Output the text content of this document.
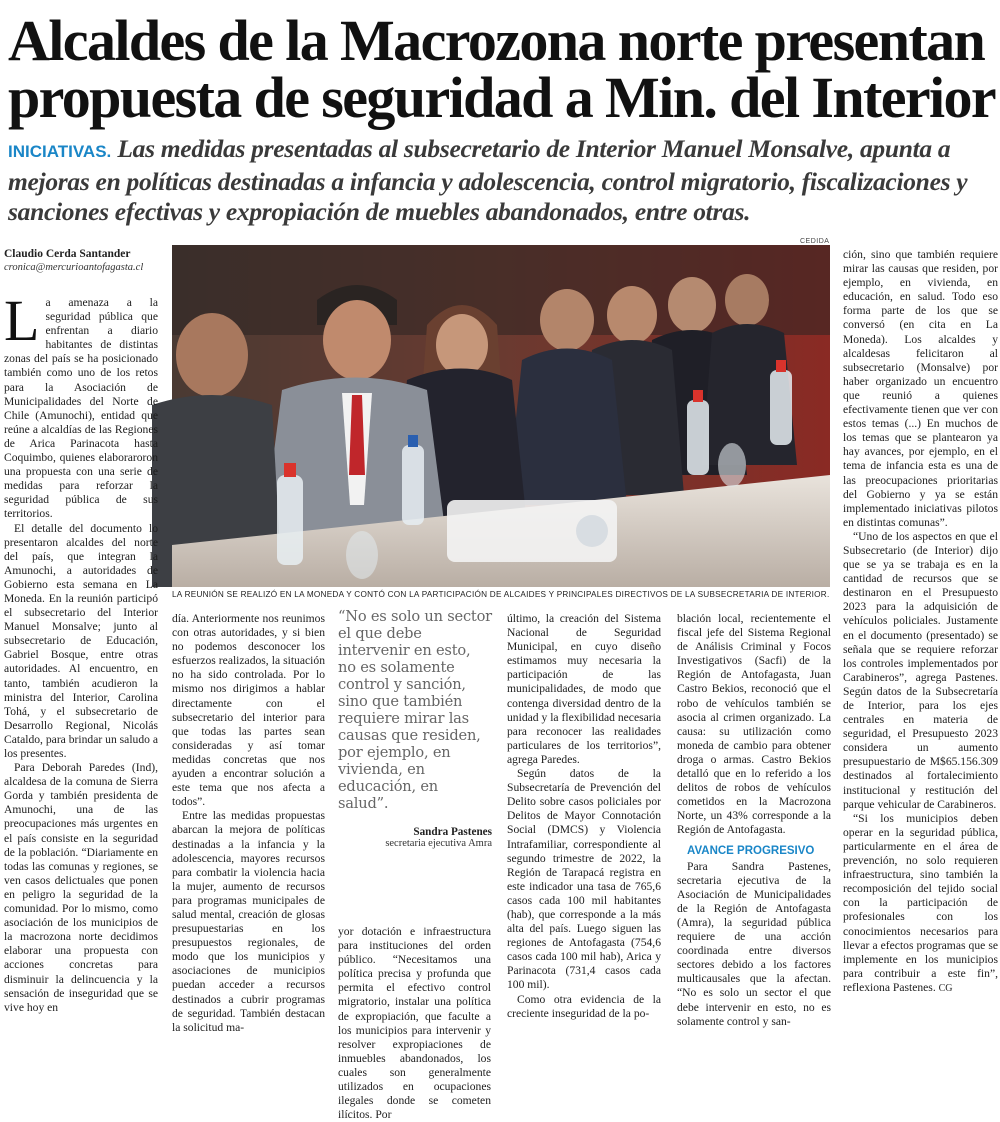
Alcaldes de la Macrozona norte presentan
propuesta de seguridad a Min. del Interior
INICIATIVAS. Las medidas presentadas al subsecretario de Interior Manuel Monsalve, apunta a mejoras en políticas destinadas a infancia y adolescencia, control migratorio, fiscalizaciones y sanciones efectivas y expropiación de muebles abandonados, entre otras.
Claudio Cerda Santander
cronica@mercurioantofagasta.cl
CEDIDA
LA REUNIÓN SE REALIZÓ EN LA MONEDA Y CONTÓ CON LA PARTICIPACIÓN DE ALCAIDES Y PRINCIPALES DIRECTIVOS DE LA SUBSECRETARIA DE INTERIOR.

La amenaza a la seguridad pública que enfrentan a diario habitantes de distintas zonas del país se ha posicionado también como uno de los retos para la Asociación de Municipalidades del Norte de Chile (Amunochi), entidad que reúne a alcaldías de las Regiones de Arica Parinacota hasta Coquimbo, quienes elaboraroron una propuesta con una serie de medidas para reforzar la seguridad pública de sus territorios.

El detalle del documento lo presentaron alcaldes del norte del país, que integran la Amunochi, a autoridades de Gobierno esta semana en La Moneda. En la reunión participó el subsecretario del Interior Manuel Monsalve; junto al subsecretario de Educación, Gabriel Bosque, entre otras autoridades. Al encuentro, en tanto, también acudieron la ministra del Interior, Carolina Tohá, y el subsecretario de Desarrollo Regional, Nicolás Cataldo, para brindar un saludo a los presentes.

Para Deborah Paredes (Ind), alcaldesa de la comuna de Sierra Gorda y también presidenta de Amunochi, una de las preocupaciones más urgentes en el país consiste en la seguridad de la población. “Diariamente en todas las comunas y regiones, se ven casos delictuales que ponen en peligro la seguridad de la comunidad. Por lo mismo, como asociación de los municipios de la macrozona norte decidimos elaborar una propuesta con acciones concretas para disminuir la delincuencia y la sensación de inseguridad que se vive hoy en

día. Anteriormente nos reunimos con otras autoridades, y si bien no podemos desconocer los esfuerzos realizados, la situación no ha sido controlada. Por lo mismo nos dirigimos a hablar directamente con el subsecretario del interior para que todas las partes sean consideradas y así tomar medidas concretas que nos ayuden a encontrar solución a este tema que nos afecta a todos”.

Entre las medidas propuestas abarcan la mejora de políticas destinadas a la infancia y la adolescencia, mayores recursos para combatir la violencia hacia la mujer, aumento de recursos para programas municipales de salud mental, creación de glosas presupuestarias en los presupuestos regionales, de modo que los municipios y asociaciones de municipios puedan acceder a recursos destinados a cubrir programas de seguridad. También destacan la solicitud ma-

“No es solo un sector el que debe intervenir en esto, no es solamente control y sanción, sino que también requiere mirar las causas que residen, por ejemplo, en vivienda, en educación, en salud”.
Sandra Pastenes
secretaria ejecutiva Amra

yor dotación e infraestructura para instituciones del orden público. “Necesitamos una política precisa y profunda que permita el efectivo control migratorio, instalar una política de expropiación, que faculte a los municipios para intervenir y resolver expropiaciones de inmuebles abandonados, los cuales son generalmente utilizados en ocupaciones ilegales donde se cometen ilícitos. Por

último, la creación del Sistema Nacional de Seguridad Municipal, en cuyo diseño estimamos muy necesaria la participación de las municipalidades, de modo que contenga diversidad dentro de la unidad y la flexibilidad necesaria para reconocer las realidades particulares de los territorios”, agrega Paredes.

Según datos de la Subsecretaría de Prevención del Delito sobre casos policiales por Delitos de Mayor Connotación Social (DMCS) y Violencia Intrafamiliar, correspondiente al segundo trimestre de 2022, la Región de Tarapacá registra en este indicador una tasa de 765,6 casos cada 100 mil habitantes (hab), que corresponde a la más alta del país. Luego siguen las regiones de Antofagasta (754,6 casos cada 100 mil hab), Arica y Parinacota (731,4 casos cada 100 mil).

Como otra evidencia de la creciente inseguridad de la po-

blación local, recientemente el fiscal jefe del Sistema Regional de Análisis Criminal y Focos Investigativos (Sacfi) de la Región de Antofagasta, Juan Castro Bekios, reconoció que el robo de vehículos también se asocia al crimen organizado. La causa: su utilización como moneda de cambio para obtener droga o armas. Castro Bekios detalló que en lo referido a los delitos de robos de vehículos cometidos en la Macrozona Norte, un 43% corresponde a la Región de Antofagasta.

AVANCE PROGRESIVO

Para Sandra Pastenes, secretaria ejecutiva de la Asociación de Municipalidades de la Región de Antofagasta (Amra), la seguridad pública requiere de una acción coordinada entre diversos sectores debido a los factores multicausales que la afectan. “No es solo un sector el que debe intervenir en esto, no es solamente control y san-

ción, sino que también requiere mirar las causas que residen, por ejemplo, en vivienda, en educación, en salud. Todo eso forma parte de los que se conversó (en cita en La Moneda). Los alcaldes y alcaldesas felicitaron al subsecretario (Monsalve) por haber organizado un encuentro que reunió a quienes efectivamente tienen que ver con estos temas (...) En muchos de los temas que se plantearon ya hay avances, por ejemplo, en el tema de infancia esta es una de las preocupaciones prioritarias del Gobierno y ya se están implementado iniciativas pilotos en distintas comunas”.

“Uno de los aspectos en que el Subsecretario (de Interior) dijo que se ya se trabaja es en la cantidad de recursos que se destinaron en el Presupuesto 2023 para la adquisición de vehículos policiales. Justamente en el documento (presentado) se señala que se requiere reforzar los controles implementados por Carabineros”, agrega Pastenes. Según datos de la Subsecretaría de Interior, para los ejes centrales en materia de seguridad, el Presupuesto 2023 considera un aumento presupuestario de M$65.156.309 destinados al fortalecimiento institucional y restitución del parque vehicular de Carabineros.

“Si los municipios deben operar en la seguridad pública, particularmente en el área de prevención, no solo requieren infraestructura, sino también la recomposición del tejido social con la participación de profesionales con los conocimientos necesarios para llevar a efectos programas que se implemente en los municipios para contribuir a este fin”, reflexiona Pastenes. CG
